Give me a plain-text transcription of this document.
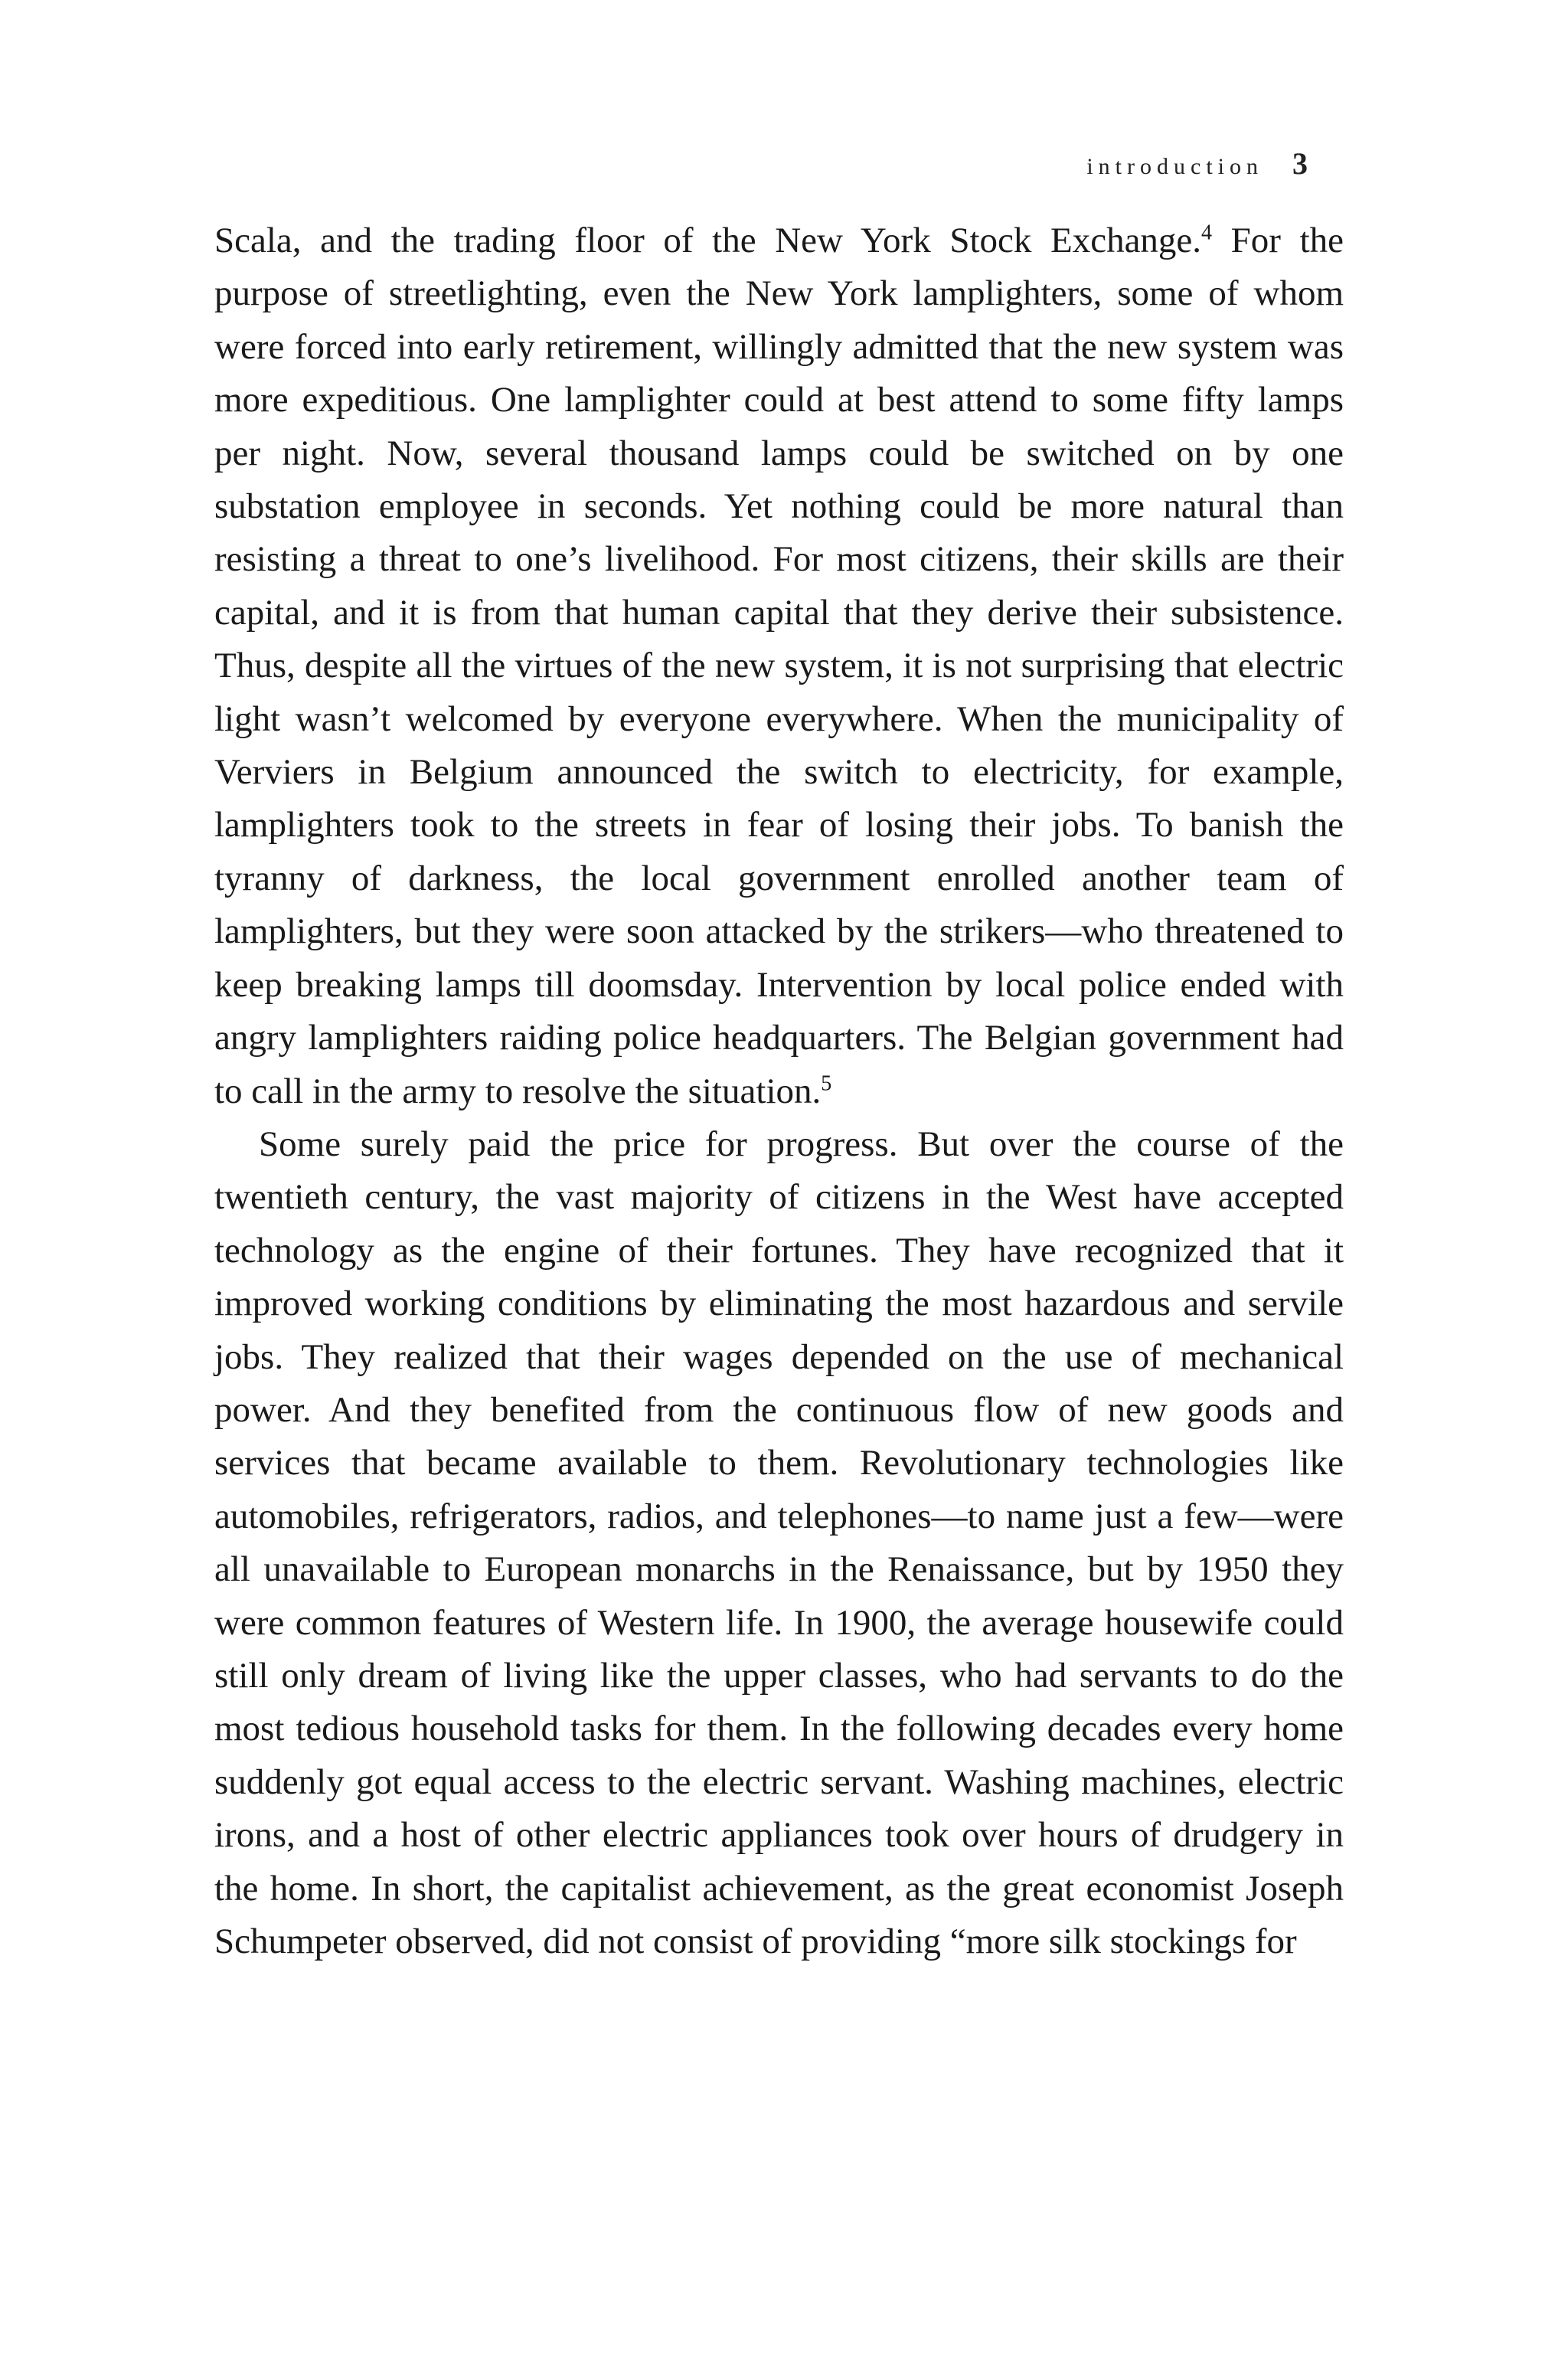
introduction 3

Scala, and the trading floor of the New York Stock Exchange.$^4$ For the purpose of streetlighting, even the New York lamplighters, some of whom were forced into early retirement, willingly admitted that the new system was more expeditious. One lamplighter could at best attend to some fifty lamps per night. Now, several thousand lamps could be switched on by one substation employee in seconds. Yet nothing could be more natural than resisting a threat to one’s livelihood. For most citizens, their skills are their capital, and it is from that human capital that they derive their subsistence. Thus, despite all the virtues of the new system, it is not surprising that electric light wasn’t welcomed by everyone everywhere. When the municipality of Verviers in Belgium announced the switch to electricity, for example, lamplighters took to the streets in fear of losing their jobs. To banish the tyranny of darkness, the local government enrolled another team of lamplighters, but they were soon attacked by the strikers—who threatened to keep breaking lamps till doomsday. Intervention by local police ended with angry lamplighters raiding police headquarters. The Belgian government had to call in the army to resolve the situation.$^5$

Some surely paid the price for progress. But over the course of the twentieth century, the vast majority of citizens in the West have accepted technology as the engine of their fortunes. They have recognized that it improved working conditions by eliminating the most hazardous and servile jobs. They realized that their wages depended on the use of mechanical power. And they benefited from the continuous flow of new goods and services that became available to them. Revolutionary technologies like automobiles, refrigerators, radios, and telephones—to name just a few—were all unavailable to European monarchs in the Renaissance, but by 1950 they were common features of Western life. In 1900, the average housewife could still only dream of living like the upper classes, who had servants to do the most tedious household tasks for them. In the following decades every home suddenly got equal access to the electric servant. Washing machines, electric irons, and a host of other electric appliances took over hours of drudgery in the home. In short, the capitalist achievement, as the great economist Joseph Schumpeter observed, did not consist of providing “more silk stockings for
